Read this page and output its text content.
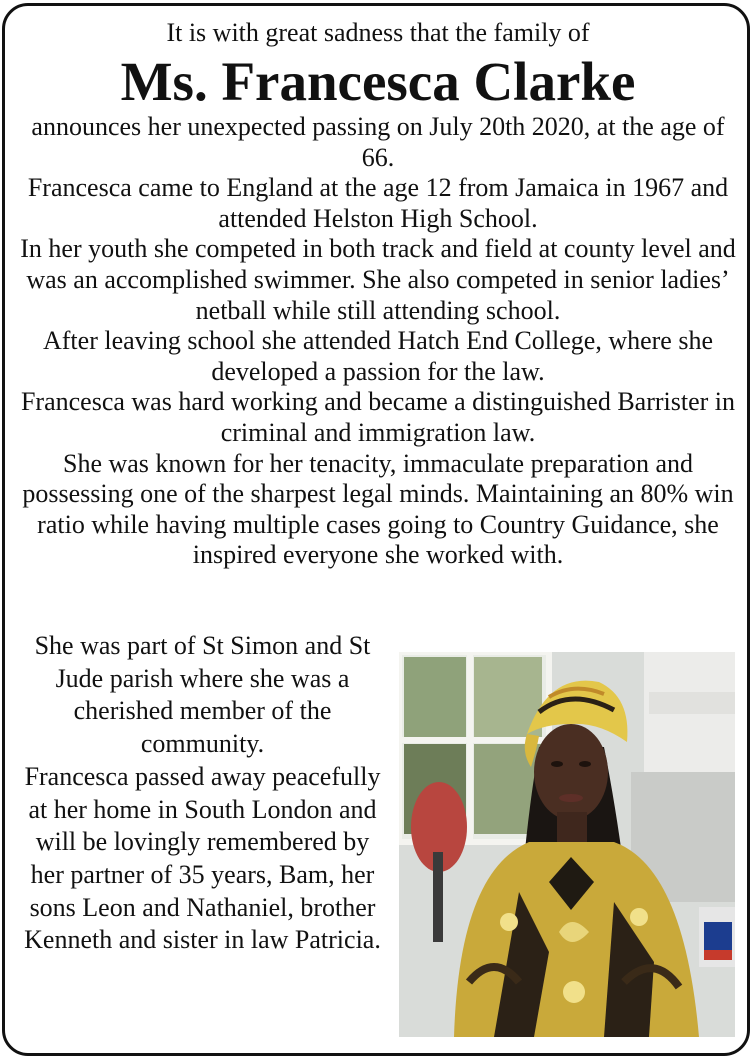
It is with great sadness that the family of
Ms. Francesca Clarke

announces her unexpected passing on July 20th 2020, at the age of 66.

Francesca came to England at the age 12 from Jamaica in 1967 and attended Helston High School.

In her youth she competed in both track and field at county level and was an accomplished swimmer. She also competed in senior ladies’ netball while still attending school.

After leaving school she attended Hatch End College, where she developed a passion for the law.

Francesca was hard working and became a distinguished Barrister in criminal and immigration law.

She was known for her tenacity, immaculate preparation and possessing one of the sharpest legal minds. Maintaining an 80% win ratio while having multiple cases going to Country Guidance, she inspired everyone she worked with.

She was part of St Simon and St Jude parish where she was a cherished member of the community.

Francesca passed away peacefully at her home in South London and will be lovingly remembered by her partner of 35 years, Bam, her sons Leon and Nathaniel, brother Kenneth and sister in law Patricia.
